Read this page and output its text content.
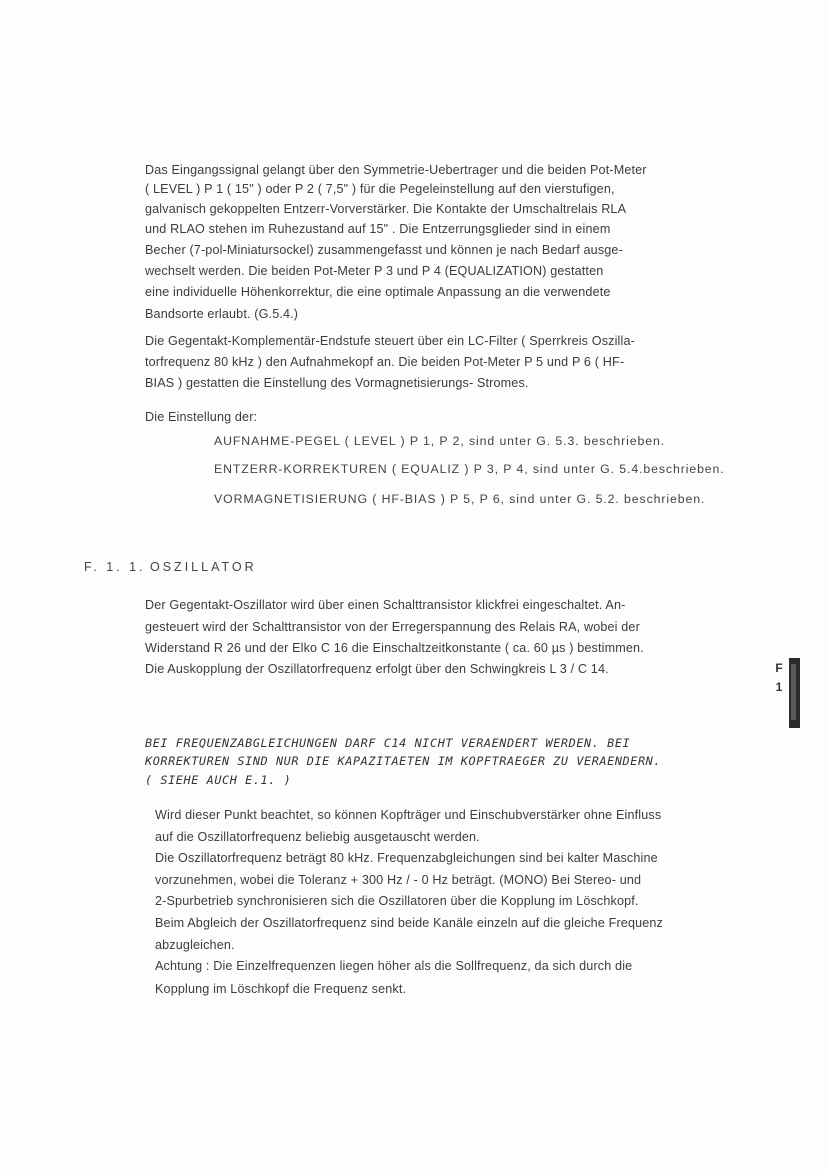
Das Eingangssignal gelangt über den Symmetrie-Uebertrager und die beiden Pot-Meter
( LEVEL ) P 1 ( 15" ) oder P 2 ( 7,5" ) für die Pegeleinstellung auf den vierstufigen,
galvanisch gekoppelten Entzerr-Vorverstärker. Die Kontakte der Umschaltrelais RLA
und RLAO stehen im Ruhezustand auf 15" . Die Entzerrungsglieder sind in einem
Becher (7-pol-Miniatursockel) zusammengefasst und können je nach Bedarf ausge-
wechselt werden. Die beiden Pot-Meter P 3 und P 4 (EQUALIZATION) gestatten
eine individuelle Höhenkorrektur, die eine optimale Anpassung an die verwendete
Bandsorte erlaubt. (G.5.4.)
Die Gegentakt-Komplementär-Endstufe steuert über ein LC-Filter ( Sperrkreis Oszilla-
torfrequenz 80 kHz ) den Aufnahmekopf an. Die beiden Pot-Meter P 5 und P 6 ( HF-
BIAS ) gestatten die Einstellung des Vormagnetisierungs- Stromes.
Die Einstellung der:
AUFNAHME-PEGEL ( LEVEL ) P 1, P 2, sind unter G. 5.3. beschrieben.
ENTZERR-KORREKTUREN ( EQUALIZ ) P 3, P 4, sind unter G. 5.4.beschrieben.
VORMAGNETISIERUNG ( HF-BIAS ) P 5, P 6, sind unter G. 5.2. beschrieben.
F. 1. 1. OSZILLATOR
Der Gegentakt-Oszillator wird über einen Schalttransistor klickfrei eingeschaltet. An-
gesteuert wird der Schalttransistor von der Erregerspannung des Relais RA, wobei der
Widerstand R 26 und der Elko C 16 die Einschaltzeitkonstante ( ca. 60 µs ) bestimmen.
Die Auskopplung der Oszillatorfrequenz erfolgt über den Schwingkreis L 3 / C 14.
BEI FREQUENZABGLEICHUNGEN DARF C14 NICHT VERAENDERT WERDEN. BEI
KORREKTUREN SIND NUR DIE KAPAZITAETEN IM KOPFTRAEGER ZU VERAENDERN.
( SIEHE AUCH E.1. )
Wird dieser Punkt beachtet, so können Kopfträger und Einschubverstärker ohne Einfluss
auf die Oszillatorfrequenz beliebig ausgetauscht werden.
Die Oszillatorfrequenz beträgt 80 kHz. Frequenzabgleichungen sind bei kalter Maschine
vorzunehmen, wobei die Toleranz + 300 Hz / - 0 Hz beträgt. (MONO) Bei Stereo- und
2-Spurbetrieb synchronisieren sich die Oszillatoren über die Kopplung im Löschkopf.
Beim Abgleich der Oszillatorfrequenz sind beide Kanäle einzeln auf die gleiche Frequenz
abzugleichen.
Achtung : Die Einzelfrequenzen liegen höher als die Sollfrequenz, da sich durch die
Kopplung im Löschkopf die Frequenz senkt.
F
1
